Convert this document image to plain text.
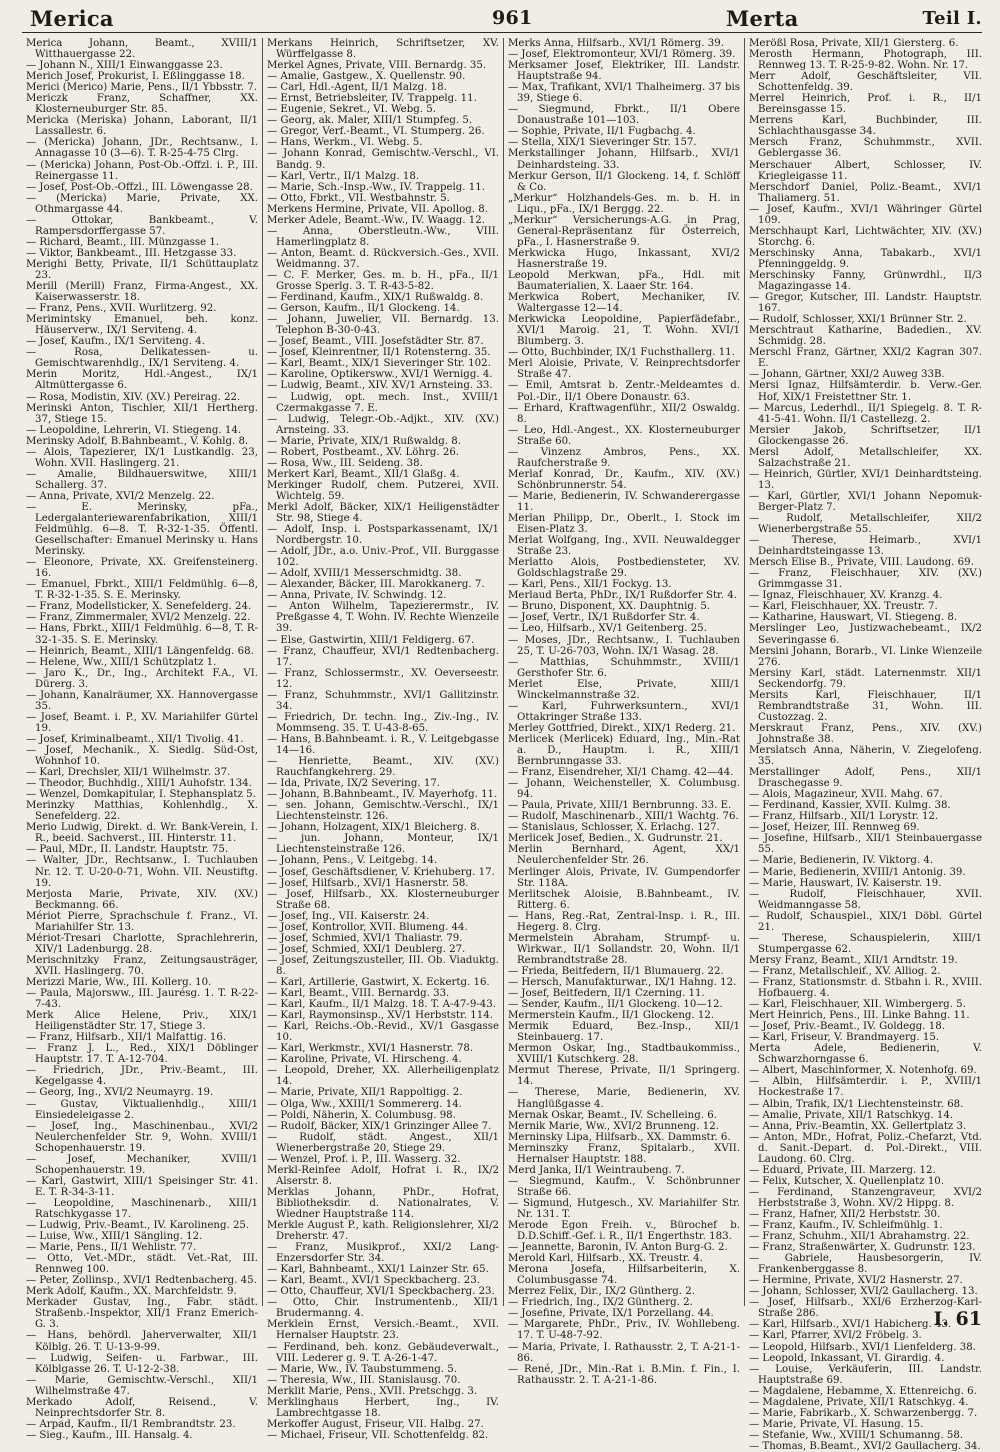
Merica	961	Merta	Teil I.

Merica Johann, Beamt., XVIII/1 Witthauergasse 22.

— Johann N., XIII/1 Einwanggasse 23.

Merich Josef, Prokurist, I. Eßlinggasse 18.

Merici (Merico) Marie, Pens., II/1 Ybbsstr. 7.

Mericzk Franz, Schaffner, XX. Klosterneuburger Str. 85.

Mericka (Meriska) Johann, Laborant, II/1 Lassallestr. 6.

— (Mericka) Johann, JDr., Rechtsanw., I. Annagasse 10 (3—6). T. R-25-4-75 Clrg.

— (Mericka) Johann, Post-Ob.-Offzl. i. P., III. Reinergasse 11.

— Josef, Post-Ob.-Offzl., III. Löwengasse 28.

— (Mericka) Marie, Private, XX. Othmargasse 44.

— Ottokar, Bankbeamt., V. Rampersdorffergasse 57.

— Richard, Beamt., III. Münzgasse 1.

— Viktor, Bankbeamt., III. Hetzgasse 33.

Merighi Betty, Private, II/1 Schüttauplatz 23.

Merill (Merill) Franz, Firma-Angest., XX. Kaiserwasserstr. 18.

— Franz, Pens., XVII. Wurlitzerg. 92.

Merimintsky Emanuel, beh. konz. Häuserverw., IX/1 Serviteng. 4.

— Josef, Kaufm., IX/1 Serviteng. 4.

— Rosa, Delikatessen- u. Gemischtwarenhdlg., IX/1 Serviteng. 4.

Merin Moritz, Hdl.-Angest., IX/1 Altmüttergasse 6.

— Rosa, Modistin, XIV. (XV.) Pereirag. 22.

Merinski Anton, Tischler, XII/1 Hertherg. 37, Stiege 15.

— Leopoldine, Lehrerin, VI. Stiegeng. 14.

Merinsky Adolf, B.Bahnbeamt., V. Kohlg. 8.

— Alois, Tapezierer, IX/1 Lustkandlg. 23, Wohn. XVII. Haslingerg. 21.

— Amalie, Bildhauerswitwe, XIII/1 Schallerg. 37.

— Anna, Private, XVI/2 Menzelg. 22.

— E. Merinsky, pFa., Ledergalanteriewarenfabrikation, XIII/1 Feldmühlg. 6—8. T. R-32-1-35. Öffentl. Gesellschafter: Emanuel Merinsky u. Hans Merinsky.

— Eleonore, Private, XX. Greifensteinerg. 16.

— Emanuel, Fbrkt., XIII/1 Feldmühlg. 6—8, T. R-32-1-35. S. E. Merinsky.

— Franz, Modellsticker, X. Senefelderg. 24.

— Franz, Zimmermaler, XVI/2 Menzelg. 22.

— Hans, Fbrkt., XIII/1 Feldmühlg. 6—8, T. R-32-1-35. S. E. Merinsky.

— Heinrich, Beamt., XIII/1 Längenfeldg. 68.

— Helene, Ww., XIII/1 Schützplatz 1.

— Jaro K., Dr., Ing., Architekt F.A., VI. Dürerg. 3.

— Johann, Kanalräumer, XX. Hannovergasse 35.

— Josef, Beamt. i. P., XV. Mariahilfer Gürtel 19.

— Josef, Kriminalbeamt., XII/1 Tivolig. 41.

— Josef, Mechanik., X. Siedlg. Süd-Ost, Wohnhof 10.

— Karl, Drechsler, XII/1 Wilhelmstr. 37.

— Theodor, Buchhdlg., XIII/1 Auhofstr. 134.

— Wenzel, Domkapitular, I. Stephansplatz 5.

Merinzky Matthias, Kohlenhdlg., X. Senefelderg. 22.

Merio Ludwig, Direkt. d. Wr. Bank-Verein, I. R., beeid. Sachverst., III. Hinterstr. 11.

— Paul, MDr., II. Landstr. Hauptstr. 75.

— Walter, JDr., Rechtsanw., I. Tuchlauben Nr. 12. T. U-20-0-71, Wohn. VII. Neustiftg. 19.

Merjosta Marie, Private, XIV. (XV.) Beckmanng. 66.

Mériot Pierre, Sprachschule f. Franz., VI. Mariahilfer Str. 13.

Mériot-Tresari Charlotte, Sprachlehrerin, XIV/1 Ladenburgg. 28.

Merischnitzky Franz, Zeitungsausträger, XVII. Haslingerg. 70.

Merizzi Marie, Ww., III. Kollerg. 10.

— Paula, Majorsww., III. Jaurésg. 1. T. R-22-7-43.

Merk Alice Helene, Priv., XIX/1 Heiligenstädter Str. 17, Stiege 3.

— Franz, Hilfsarb., XII/1 Malfattig. 16.

— Franz J. L., Red., XIX/1 Döblinger Hauptstr. 17. T. A-12-704.

— Friedrich, JDr., Priv.-Beamt., III. Kegelgasse 4.

— Georg, Ing., XVI/2 Neumayrg. 19.

— Gustav, Viktualienhdlg., XIII/1 Einsiedeleigasse 2.

— Josef, Ing., Maschinenbau., XVI/2 Neulerchenfelder Str. 9, Wohn. XVIII/1 Schopenhauerstr. 19.

— Josef, Mechaniker, XVIII/1 Schopenhauerstr. 19.

— Karl, Gastwirt, XIII/1 Speisinger Str. 41. E. T. R-34-3-11.

— Leopoldine, Maschinenarb., XIII/1 Ratschkygasse 17.

— Ludwig, Priv.-Beamt., IV. Karolineng. 25.

— Luise, Ww., XIII/1 Sängling. 12.

— Marie, Pens., II/1 Wehlistr. 77.

— Otto, Vet.-MDr., städt. Vet.-Rat, III. Rennweg 100.

— Peter, Zollinsp., XVI/1 Redtenbacherg. 45.

Merk Adolf, Kaufm., XX. Marchfeldstr. 9.

Merkader Gustav, Ing., Fabr. städt. Straßenb.-Inspektor, XII/1 Franz Emerich-G. 3.

— Hans, behördl. Jaherverwalter, XII/1 Kölblg. 26. T. U-13-9-99.

— Ludwig, Seifen- u. Farbwar., III. Kölblgasse 26. T. U-12-2-38.

— Marie, Gemischtw.-Verschl., XII/1 Wilhelmstraße 47.

Merkado Adolf, Reisend., V. Neinprechtsdorfer Str. 8.

— Arpad, Kaufm., II/1 Rembrandtstr. 23.

— Sieg., Kaufm., III. Hansalg. 4.

Merkans Heinrich, Schriftsetzer, XV. Würffelgasse 8.

Merkel Agnes, Private, VIII. Bernardg. 35.

— Amalie, Gastgew., X. Quellenstr. 90.

— Carl, Hdl.-Agent, II/1 Malzg. 18.

— Ernst, Betriebsleiter, IV. Trappelg. 11.

— Eugenie, Sekret., VI. Webg. 5.

— Georg, ak. Maler, XIII/1 Stumpfeg. 5.

— Gregor, Verf.-Beamt., VI. Stumperg. 26.

— Hans, Werkm., VI. Webg. 5.

— Johann Konrad, Gemischtw.-Verschl., VI. Bandg. 9.

— Karl, Vertr., II/1 Malzg. 18.

— Marie, Sch.-Insp.-Ww., IV. Trappelg. 11.

— Otto, Fbrkt., VII. Westbahnstr. 5.

Merkens Hermine, Private, VII. Apollog. 8.

Merker Adele, Beamt.-Ww., IV. Waagg. 12.

— Anna, Oberstleutn.-Ww., VIII. Hamerlingplatz 8.

— Anton, Beamt. d. Rückversich.-Ges., XVII. Weidmanng. 37.

— C. F. Merker, Ges. m. b. H., pFa., II/1 Grosse Sperlg. 3. T. R-43-5-82.

— Ferdinand, Kaufm., XIX/1 Rußwaldg. 8.

— Gerson, Kaufm., II/1 Glockeng. 14.

— Johann, Juwelier, VII. Bernardg. 13. Telephon B-30-0-43.

— Josef, Beamt., VIII. Josefstädter Str. 87.

— Josef, Kleinrentner, II/1 Rotensterng. 35.

— Karl, Beamt., XIX/1 Sieveringer Str. 102.

— Karoline, Optikersww., XVI/1 Wernigg. 4.

— Ludwig, Beamt., XIV. XV/1 Arnsteing. 33.

— Ludwig, opt. mech. Inst., XVIII/1 Czermakgasse 7. E.

— Ludwig, Telegr.-Ob.-Adjkt., XIV. (XV.) Arnsteing. 33.

— Marie, Private, XIX/1 Rußwaldg. 8.

— Robert, Postbeamt., XV. Löhrg. 26.

— Rosa, Ww., III. Seideng. 38.

Merkert Karl, Beamt., XII/1 Glaßg. 4.

Merkinger Rudolf, chem. Putzerei, XVII. Wichtelg. 59.

Merkl Adolf, Bäcker, XIX/1 Heiligenstädter Str. 98, Stiege 4.

— Adolf, Insp. i. Postsparkassenamt, IX/1 Nordbergstr. 10.

— Adolf, JDr., a.o. Univ.-Prof., VII. Burggasse 102.

— Adolf, XVIII/1 Messerschmidtg. 38.

— Alexander, Bäcker, III. Marokkanerg. 7.

— Anna, Private, IV. Schwindg. 12.

— Anton Wilhelm, Tapezierermstr., IV. Preßgasse 4, T. Wohn. IV. Rechte Wienzeile 39.

— Else, Gastwirtin, XIII/1 Feldigerg. 67.

— Franz, Chauffeur, XVI/1 Redtenbacherg. 17.

— Franz, Schlossermstr., XV. Oeverseestr. 12.

— Franz, Schuhmmstr., XVI/1 Gallitzinstr. 34.

— Friedrich, Dr. techn. Ing., Ziv.-Ing., IV. Mommseng. 35. T. U-43-8-65.

— Hans, B.Bahnbeamt. i. R., V. Leitgebgasse 14—16.

— Henriette, Beamt., XIV. (XV.) Rauchfangkehrerg. 29.

— Ida, Private, IX/2 Severing. 17.

— Johann, B.Bahnbeamt., IV. Mayerhofg. 11.

— sen. Johann, Gemischtw.-Verschl., IX/1 Liechtensteinstr. 126.

— Johann, Holzagent, XIX/1 Bleicherg. 8.

— jun. Johann, Monteur, IX/1 Liechtensteinstraße 126.

— Johann, Pens., V. Leitgebg. 14.

— Josef, Geschäftsdiener, V. Kriehuberg. 17.

— Josef, Hilfsarb., XVI/1 Hasnerstr. 58.

— Josef, Hilfsarb., XX. Klosterneuburger Straße 68.

— Josef, Ing., VII. Kaiserstr. 24.

— Josef, Kontrollor, XVII. Blumeng. 44.

— Josef, Schmied, XVI/1 Thaliastr. 79.

— Josef, Schmied, XXI/1 Deublerg. 27.

— Josef, Zeitungszusteller, III. Ob. Viaduktg. 8.

— Karl, Artillerie, Gastwirt, X. Eckertg. 16.

— Karl, Beamt., VIII. Bernardg. 33.

— Karl, Kaufm., II/1 Malzg. 18. T. A-47-9-43.

— Karl, Raymonsinsp., XV/1 Herbststr. 114.

— Karl, Reichs.-Ob.-Revid., XV/1 Gasgasse 10.

— Karl, Werkmstr., XVI/1 Hasnerstr. 78.

— Karoline, Private, VI. Hirscheng. 4.

— Leopold, Dreher, XX. Allerheiligenplatz 14.

— Marie, Private, XII/1 Rappoltigg. 2.

— Olga, Ww., XXIII/1 Sommererg. 14.

— Poldi, Näherin, X. Columbusg. 98.

— Rudolf, Bäcker, XIX/1 Grinzinger Allee 7.

— Rudolf, städt. Angest., XII/1 Wienerbergstraße 20, Stiege 29.

— Wenzel, Prof. i. P., III. Wasserg. 32.

Merkl-Reinfee Adolf, Hofrat i. R., IX/2 Alserstr. 8.

Merklas Johann, PhDr., Hofrat, Bibliotheksdir. d. Nationalrates, V. Wiedner Hauptstraße 114.

Merkle August P., kath. Religionslehrer, XI/2 Dreherstr. 47.

— Franz, Musikprof., XXI/2 Lang-Enzersdorfer Str. 34.

— Karl, Bahnbeamt., XXI/1 Lainzer Str. 65.

— Karl, Beamt., XVI/1 Speckbacherg. 23.

— Otto, Chauffeur, XVI/1 Speckbacherg. 23.

— Otto, Chir. Instrumentenb., XII/1 Brudermanng. 4.

Merklein Ernst, Versich.-Beamt., XVII. Hernalser Hauptstr. 23.

— Ferdinand, beh. konz. Gebäudeverwalt., VIII. Lederer g. 9. T. A-26-1-47.

— Marie, Ww., IV. Taubstummeng. 5.

— Theresia, Ww., III. Stanislausg. 70.

Merklit Marie, Pens., XVII. Pretschgg. 3.

Merklinghaus Herbert, Ing., IV. Lambrechtgasse 18.

Merkoffer August, Friseur, VII. Halbg. 27.

— Michael, Friseur, VII. Schottenfeldg. 82.

Merks Anna, Hilfsarb., XVI/1 Römerg. 39.

— Josef, Elektromonteur, XVI/1 Römerg. 39.

Merksamer Josef, Elektriker, III. Landstr. Hauptstraße 94.

— Max, Trafikant, XVI/1 Thalheimerg. 37 bis 39, Stiege 6.

— Siegmund, Fbrkt., II/1 Obere Donaustraße 101—103.

— Sophie, Private, II/1 Fugbachg. 4.

— Stella, XIX/1 Sieveringer Str. 157.

Merkstallinger Johann, Hilfsarb., XVI/1 Deinhardsteing. 33.

Merkur Gerson, II/1 Glockeng. 14, f. Schlöff & Co.

„Merkur“ Holzhandels-Ges. m. b. H. in Liqu., pFa., IX/1 Berggg. 22.

„Merkur“ Versicherungs-A.G. in Prag, General-Repräsentanz für Österreich, pFa., I. Hasnerstraße 9.

Merkwicka Hugo, Inkassant, XVI/2 Hasnerstraße 19.

Leopold Merkwan, pFa., Hdl. mit Baumaterialien, X. Laaer Str. 164.

Merkwica Robert, Mechaniker, IV. Waltergasse 12—14.

Merkwicka Leopoldine, Papierfädefabr., XVI/1 Maroig. 21, T. Wohn. XVI/1 Blumberg. 3.

— Otto, Buchbinder, IX/1 Fuchsthallerg. 11.

Merl Aloisie, Private, V. Reinprechtsdorfer Straße 47.

— Emil, Amtsrat b. Zentr.-Meldeamtes d. Pol.-Dir., II/1 Obere Donaustr. 63.

— Erhard, Kraftwagenführ., XII/2 Oswaldg. 8.

— Leo, Hdl.-Angest., XX. Klosterneuburger Straße 60.

— Vinzenz Ambros, Pens., XX. Raufcherstraße 9.

Merlaf Konrad, Dr., Kaufm., XIV. (XV.) Schönbrunnerstr. 54.

— Marie, Bedienerin, IV. Schwanderergasse 11.

Merlan Philipp, Dr., Oberlt., I. Stock im Eisen-Platz 3.

Merlat Wolfgang, Ing., XVII. Neuwaldegger Straße 23.

Merlatto Alois, Postbediensteter, XV. Goldschlagstraße 29.

— Karl, Pens., XII/1 Fockyg. 13.

Merlaud Berta, PhDr., IX/1 Rußdorfer Str. 4.

— Bruno, Disponent, XX. Dauphtnig. 5.

— Josef, Vertr., IX/1 Rußdorfer Str. 4.

— Leo, Hilfsarb., XV/1 Geitenberg. 25.

— Moses, JDr., Rechtsanw., I. Tuchlauben 25, T. U-26-703, Wohn. IX/1 Wasag. 28.

— Matthias, Schuhmmstr., XVIII/1 Gersthofer Str. 6.

Merlet Else, Private, XIII/1 Winckelmannstraße 32.

— Karl, Fuhrwerksuntern., XVI/1 Ottakringer Straße 133.

Merley Gottfried, Direkt., XIX/1 Rederg. 21.

Merlicek (Merlicek) Eduard, Ing., Min.-Rat a. D., Hauptm. i. R., XIII/1 Bernbrunngasse 33.

— Franz, Eisendreher, XI/1 Chamg. 42—44.

— Johann, Weichensteller, X. Columbusg. 94.

— Paula, Private, XIII/1 Bernbrunng. 33. E.

— Rudolf, Maschinenarb., XIII/1 Wachtg. 76.

— Stanislaus, Schlosser, X. Erlachg. 127.

Merlicek Josef, Bedien., X. Gudrunstr. 21.

Merlin Bernhard, Agent, XX/1 Neulerchenfelder Str. 26.

Merlinger Alois, Private, IV. Gumpendorfer Str. 118A.

Merlitschek Aloisie, B.Bahnbeamt., IV. Ritterg. 6.

— Hans, Reg.-Rat, Zentral-Insp. i. R., III. Hegerg. 8. Clrg.

Mermelstein Abraham, Strumpf- u. Wirkwar., II/1 Sollandstr. 20, Wohn. II/1 Rembrandtstraße 28.

— Frieda, Beitfedern, II/1 Blumauerg. 22.

— Hersch, Manufakturwar., IX/1 Hahng. 12.

— Josef, Beitfedern, II/1 Czerning. 11.

— Sender, Kaufm., II/1 Glockeng. 10—12.

Mermerstein Kaufm., II/1 Glockeng. 12.

Mermik Eduard, Bez.-Insp., XII/1 Steinbauerg. 17.

Mermon Oskar, Ing., Stadtbaukommiss., XVIII/1 Kutschkerg. 28.

Mermut Therese, Private, II/1 Springerg. 14.

— Therese, Marie, Bedienerin, XV. Hanglüßgasse 4.

Mernak Oskar, Beamt., IV. Schelleing. 6.

Mernik Marie, Ww., XVI/2 Brunneng. 12.

Merninsky Lipa, Hilfsarb., XX. Dammstr. 6.

Merninszky Franz, Spitalarb., XVII. Hernalser Hauptstr. 188.

Merd Janka, II/1 Weintraubeng. 7.

— Siegmund, Kaufm., V. Schönbrunner Straße 66.

— Sigmund, Hutgesch., XV. Mariahilfer Str. Nr. 131. T.

Merode Egon Freih. v., Bürochef b. D.D.Schiff.-Gef. i. R., II/1 Engerthstr. 183.

— Jeannette, Baronin, IV. Anton Burg-G. 2.

Merold Karl, Hilfsarb., XX. Treustr. 4.

Merona Josefa, Hilfsarbeiterin, X. Columbusgasse 74.

Merrez Felix, Dir., IX/2 Güntherg. 2.

— Friedrich, Ing., IX/2 Güntherg. 2.

— Josefine, Private, IX/1 Porzellang. 44.

— Margarete, PhDr., Priv., IV. Wohllebeng. 17. T. U-48-7-92.

— Maria, Private, I. Rathausstr. 2, T. A-21-1-86.

— René, JDr., Min.-Rat i. B.Min. f. Fin., I. Rathausstr. 2. T. A-21-1-86.

Merößl Rosa, Private, XII/1 Giersterg. 6.

Merosth Hermann, Photograph, III. Rennweg 13. T. R-25-9-82. Wohn. Nr. 17.

Merr Adolf, Geschäftsleiter, VII. Schottenfeldg. 39.

Merrel Heinrich, Prof. i. R., II/1 Bereinsgasse 15.

Merrens Karl, Buchbinder, III. Schlachthausgasse 34.

Mersch Franz, Schuhmmstr., XVII. Geblergasse 36.

Merschauer Albert, Schlosser, IV. Kriegleigasse 11.

Merschdorf Daniel, Poliz.-Beamt., XVI/1 Thaliamerg. 51.

— Josef, Kaufm., XVI/1 Währinger Gürtel 109.

Merschhaupt Karl, Lichtwächter, XIV. (XV.) Storchg. 6.

Merschinsky Anna, Tabakarb., XVI/1 Pfenninggeldg. 9.

Merschinsky Fanny, Grünwrdhl., II/3 Magazingasse 14.

— Gregor, Kutscher, III. Landstr. Hauptstr. 167.

— Rudolf, Schlosser, XXI/1 Brünner Str. 2.

Merschtraut Katharine, Badedien., XV. Schmidg. 28.

Merschl Franz, Gärtner, XXI/2 Kagran 307. E.

— Johann, Gärtner, XXI/2 Auweg 33B.

Mersi Ignaz, Hilfsämterdir. b. Verw.-Ger. Hof, XIX/1 Freistettner Str. 1.

— Marcus, Lederhdl., II/1 Spiegelg. 8. T. R-41-5-41. Wohn. II/1 Castellezg. 2.

Mersier Jakob, Schriftsetzer, II/1 Glockengasse 26.

Mersl Adolf, Metallschleifer, XX. Salzachstraße 21.

— Heinrich, Gürtler, XVI/1 Deinhardtsteing. 13.

— Karl, Gürtler, XVI/1 Johann Nepomuk-Berger-Platz 7.

— Rudolf, Metallschleifer, XII/2 Wienerbergstraße 55.

— Therese, Heimarb., XVI/1 Deinhardtsteingasse 13.

Mersch Elise B., Private, VIII. Laudong. 69.

— Franz, Fleischhauer, XIV. (XV.) Grimmgasse 31.

— Ignaz, Fleischhauer, XV. Kranzg. 4.

— Karl, Fleischhauer, XX. Treustr. 7.

— Katharine, Hauswart, VI. Stiegeng. 8.

Merslinger Leo, Justizwachebeamt., IX/2 Severingasse 6.

Mersini Johann, Borarb., VI. Linke Wienzeile 276.

Mersiny Karl, städt. Laternenmstr. XII/1 Seckendorfg. 79.

Mersits Karl, Fleischhauer, II/1 Rembrandtstraße 31, Wohn. III. Custozzag. 2.

Merskraut Franz, Pens., XIV. (XV.) Johnstraße 38.

Merslatsch Anna, Näherin, V. Ziegelofeng. 35.

Merstallinger Adolf, Pens., XII/1 Draschegasse 9.

— Alois, Magazineur, XVII. Mahg. 67.

— Ferdinand, Kassier, XVII. Kulmg. 38.

— Franz, Hilfsarb., XII/1 Lorystr. 12.

— Josef, Heizer, III. Rennweg 69.

— Josefine, Hilfsarb., XII/1 Steinbauergasse 55.

— Marie, Bedienerin, IV. Viktorg. 4.

— Marie, Bedienerin, XVIII/1 Antonig. 39.

— Marie, Hauswart, IV. Kaiserstr. 19.

— Rudolf, Fleischhauer, XVII. Weidmanngasse 58.

— Rudolf, Schauspiel., XIX/1 Döbl. Gürtel 21.

— Therese, Schauspielerin, XIII/1 Stumpergasse 62.

Mersy Franz, Beamt., XII/1 Arndtstr. 19.

— Franz, Metallschleif., XV. Alliog. 2.

— Franz, Stationsmstr. d. Stbahn i. R., XVIII. Hofbauerg. 4.

— Karl, Fleischhauer, XII. Wimbergerg. 5.

Mert Heinrich, Pens., III. Linke Bahng. 11.

— Josef, Priv.-Beamt., IV. Goldegg. 18.

— Karl, Friseur, V. Brandmayerg. 15.

Merta Adele, Bedienerin, V. Schwarzhorngasse 6.

— Albert, Maschinformer, X. Notenhofg. 69.

— Albin, Hilfsämterdir. i. P., XVIII/1 Hockestraße 17.

— Albin, Trafik, IX/1 Liechtensteinstr. 68.

— Amalie, Private, XII/1 Ratschkyg. 14.

— Anna, Priv.-Beamtin, XX. Gellertplatz 3.

— Anton, MDr., Hofrat, Poliz.-Chefarzt, Vtd. d. Sanit.-Depart. d. Pol.-Direkt., VIII. Laudong. 60. Clrg.

— Eduard, Private, III. Marzerg. 12.

— Felix, Kutscher, X. Quellenplatz 10.

— Ferdinand, Stanzengraveur, XVI/2 Herbststraße 3, Wohn. XV/2 Hippg. 8.

— Franz, Hafner, XII/2 Herbststr. 30.

— Franz, Kaufm., IV. Schleifmühlg. 1.

— Franz, Schuhm., XII/1 Abrahamstrg. 22.

— Franz, Straßenwärter, X. Gudrunstr. 123.

— Gabriele, Hausbesorgerin, IV. Frankenberggasse 8.

— Hermine, Private, XVI/2 Hasnerstr. 27.

— Johann, Schlosser, XVI/2 Gaullacherg. 13.

— Josef, Hilfsarb., XXI/6 Erzherzog-Karl-Straße 286.

— Karl, Hilfsarb., XVI/1 Habicherg. 43.

— Karl, Pfarrer, XVI/2 Fröbelg. 3.

— Leopold, Hilfsarb., XVI/1 Lienfelderg. 38.

— Leopold, Inkassant, VI. Girardig. 4.

— Louise, Verkäuferin, III. Landstr. Hauptstraße 69.

— Magdalene, Hebamme, X. Ettenreichg. 6.

— Magdalene, Private, XII/1 Ratschkyg. 4.

— Marie, Fabrikarb., X. Schwarzenbergg. 7.

— Marie, Private, VI. Hasung. 15.

— Stefanie, Ww., XVIII/1 Schumanng. 58.

— Thomas, B.Beamt., XVI/2 Gaullacherg. 34.

I. 61
